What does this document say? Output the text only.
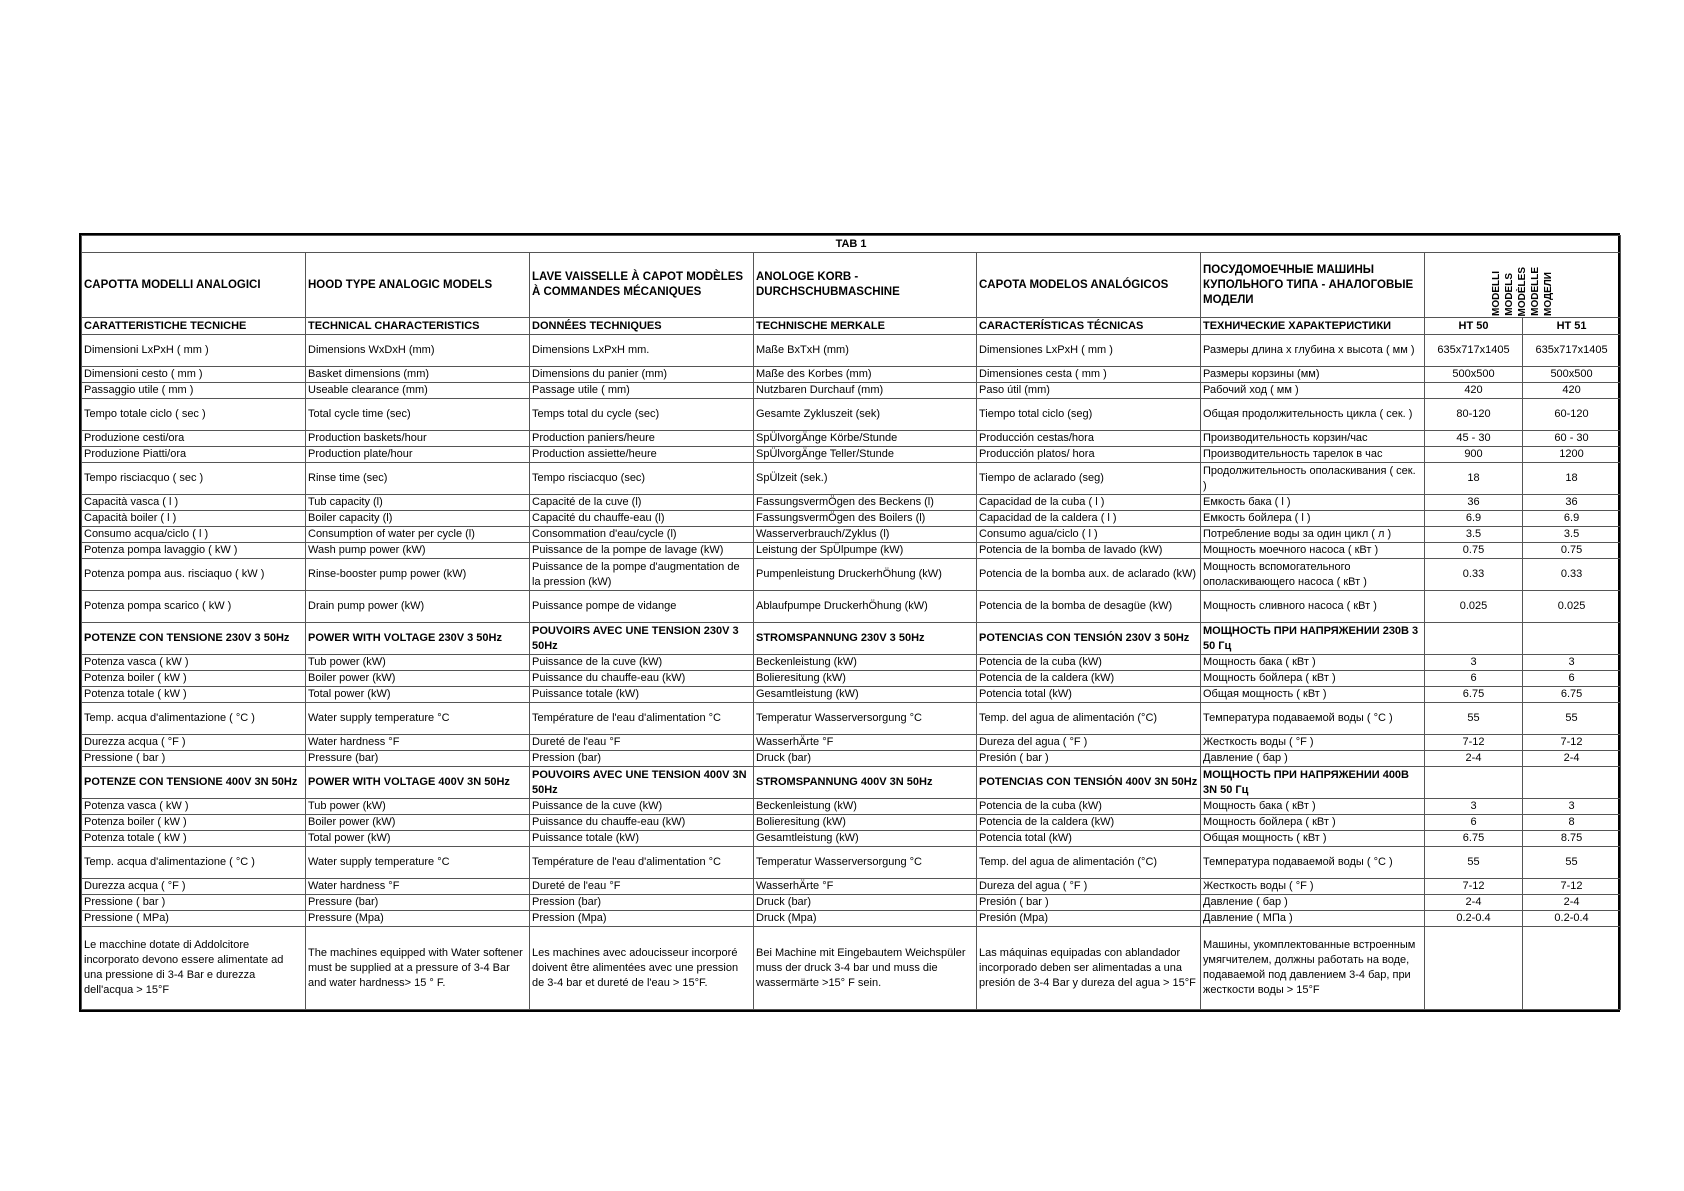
TAB 1							
CAPOTTA MODELLI ANALOGICI	HOOD TYPE ANALOGIC MODELS	LAVE VAISSELLE À CAPOT MODÈLES À COMMANDES MÉCANIQUES	ANOLOGE KORB - DURCHSCHUBMASCHINE	CAPOTA MODELOS ANALÓGICOS	ПОСУДОМОЕЧНЫЕ МАШИНЫ КУПОЛЬНОГО ТИПА - АНАЛОГОВЫЕ МОДЕЛИ	MODELLI MODELS MODÈLES MODELLE МОДЕЛИ	

CARATTERISTICHE TECNICHE	TECHNICAL CHARACTERISTICS	DONNÉES TECHNIQUES	TECHNISCHE MERKALE	CARACTERÍSTICAS TÉCNICAS	ТЕХНИЧЕСКИЕ ХАРАКТЕРИСТИКИ	HT 50	HT 51
Dimensioni LxPxH ( mm )	Dimensions WxDxH (mm)	Dimensions LxPxH mm.	Maße BxTxH (mm)	Dimensiones LxPxH ( mm )	Размеры длина х глубина х высота ( мм )	635x717x1405	635x717x1405
Dimensioni cesto ( mm )	Basket dimensions (mm)	Dimensions du panier (mm)	Maße des Korbes (mm)	Dimensiones cesta ( mm )	Размеры корзины (мм)	500x500	500x500
Passaggio utile ( mm )	Useable clearance (mm)	Passage utile ( mm)	Nutzbaren Durchauf (mm)	Paso útil (mm)	Рабочий ход ( мм )	420	420
Tempo totale ciclo ( sec )	Total cycle time (sec)	Temps total du cycle (sec)	Gesamte Zykluszeit (sek)	Tiempo total ciclo (seg)	Общая продолжительность цикла ( сек. )	80-120	60-120
Produzione cesti/ora	Production baskets/hour	Production paniers/heure	SpÜlvorgÄnge Körbe/Stunde	Producción cestas/hora	Производительность корзин/час	45 - 30	60 - 30
Produzione Piatti/ora	Production plate/hour	Production assiette/heure	SpÜlvorgÄnge Teller/Stunde	Producción platos/ hora	Производительность тарелок в час	900	1200
Tempo risciacquo ( sec )	Rinse time (sec)	Tempo risciacquo (sec)	SpÜlzeit (sek.)	Tiempo de aclarado (seg)	Продолжительность ополаскивания ( сек. )	18	18
Capacità vasca ( l )	Tub capacity (l)	Capacité de la cuve (l)	FassungsvermÖgen des Beckens (l)	Capacidad de la cuba ( l )	Емкость бака ( l )	36	36
Capacità boiler ( l )	Boiler capacity (l)	Capacité du chauffe-eau (l)	FassungsvermÖgen des Boilers (l)	Capacidad de la caldera ( l )	Емкость бойлера ( l )	6.9	6.9
Consumo acqua/ciclo ( l )	Consumption of water per cycle (l)	Consommation d'eau/cycle (l)	Wasserverbrauch/Zyklus (l)	Consumo agua/ciclo ( l )	Потребление воды за один цикл ( л )	3.5	3.5
Potenza pompa lavaggio ( kW )	Wash pump power (kW)	Puissance de la pompe de lavage (kW)	Leistung der SpÜlpumpe (kW)	Potencia de la bomba de lavado (kW)	Мощность моечного насоса ( кВт )	0.75	0.75
Potenza pompa aus. risciaquo ( kW )	Rinse-booster pump power (kW)	Puissance de la pompe d'augmentation de la pression (kW)	Pumpenleistung DruckerhÖhung (kW)	Potencia de la bomba aux. de aclarado (kW)	Мощность вспомогательного ополаскивающего насоса ( кВт )	0.33	0.33
Potenza pompa scarico ( kW )	Drain pump power (kW)	Puissance pompe de vidange	Ablaufpumpe DruckerhÖhung (kW)	Potencia de la bomba de desagüe (kW)	Мощность сливного насоса ( кВт )	0.025	0.025
POTENZE CON TENSIONE 230V 3 50Hz	POWER WITH VOLTAGE 230V 3 50Hz	POUVOIRS AVEC UNE TENSION 230V 3 50Hz	STROMSPANNUNG 230V 3 50Hz	POTENCIAS CON TENSIÓN 230V 3 50Hz	МОЩНОСТЬ ПРИ НАПРЯЖЕНИИ 230В 3 50 Гц		
Potenza vasca ( kW )	Tub power (kW)	Puissance de la cuve (kW)	Beckenleistung (kW)	Potencia de la cuba (kW)	Мощность бака ( кВт )	3	3
Potenza boiler ( kW )	Boiler power (kW)	Puissance du chauffe-eau (kW)	Bolieresitung (kW)	Potencia de la caldera (kW)	Мощность бойлера ( кВт )	6	6
Potenza totale ( kW )	Total power (kW)	Puissance totale (kW)	Gesamtleistung (kW)	Potencia total (kW)	Общая мощность ( кВт )	6.75	6.75
Temp. acqua d'alimentazione ( °C )	Water supply temperature °C	Température de l'eau d'alimentation °C	Temperatur Wasserversorgung °C	Temp. del agua de alimentación (°C)	Температура подаваемой воды ( °C )	55	55
Durezza acqua ( °F )	Water hardness °F	Dureté de l'eau °F	WasserhÄrte °F	Dureza del agua ( °F )	Жесткость воды ( °F )	7-12	7-12
Pressione ( bar )	Pressure (bar)	Pression (bar)	Druck (bar)	Presión ( bar )	Давление ( бар )	2-4	2-4
POTENZE CON TENSIONE 400V 3N 50Hz	POWER WITH VOLTAGE 400V 3N 50Hz	POUVOIRS AVEC UNE TENSION 400V 3N 50Hz	STROMSPANNUNG 400V 3N 50Hz	POTENCIAS CON TENSIÓN 400V 3N 50Hz	МОЩНОСТЬ ПРИ НАПРЯЖЕНИИ 400В 3N 50 Гц		
Potenza vasca ( kW )	Tub power (kW)	Puissance de la cuve (kW)	Beckenleistung (kW)	Potencia de la cuba (kW)	Мощность бака ( кВт )	3	3
Potenza boiler ( kW )	Boiler power (kW)	Puissance du chauffe-eau (kW)	Bolieresitung (kW)	Potencia de la caldera (kW)	Мощность бойлера ( кВт )	6	8
Potenza totale ( kW )	Total power (kW)	Puissance totale (kW)	Gesamtleistung (kW)	Potencia total (kW)	Общая мощность ( кВт )	6.75	8.75
Temp. acqua d'alimentazione ( °C )	Water supply temperature °C	Température de l'eau d'alimentation °C	Temperatur Wasserversorgung °C	Temp. del agua de alimentación (°C)	Температура подаваемой воды ( °C )	55	55
Durezza acqua ( °F )	Water hardness °F	Dureté de l'eau °F	WasserhÄrte °F	Dureza del agua ( °F )	Жесткость воды ( °F )	7-12	7-12
Pressione ( bar )	Pressure (bar)	Pression (bar)	Druck (bar)	Presión ( bar )	Давление ( бар )	2-4	2-4
Pressione ( MPa)	Pressure (Mpa)	Pression (Mpa)	Druck (Mpa)	Presión (Mpa)	Давление ( МПа )	0.2-0.4	0.2-0.4
Le macchine dotate di Addolcitore incorporato devono essere alimentate ad una pressione di 3-4 Bar e durezza dell'acqua > 15°F	The machines equipped with Water softener must be supplied at a pressure of 3-4 Bar and water hardness> 15 ° F.	Les machines avec adoucisseur incorporé doivent être alimentées avec une pression de 3-4 bar et dureté de l'eau > 15°F.	Bei Machine mit Eingebautem Weichspüler muss der druck 3-4 bar und muss die wassermärte >15° F sein.	Las máquinas equipadas con ablandador incorporado deben ser alimentadas a una presión de 3-4 Bar y dureza del agua > 15°F	Машины, укомплектованные встроенным умягчителем, должны работать на воде, подаваемой под давлением 3-4 бар, при жесткости воды > 15°F		
